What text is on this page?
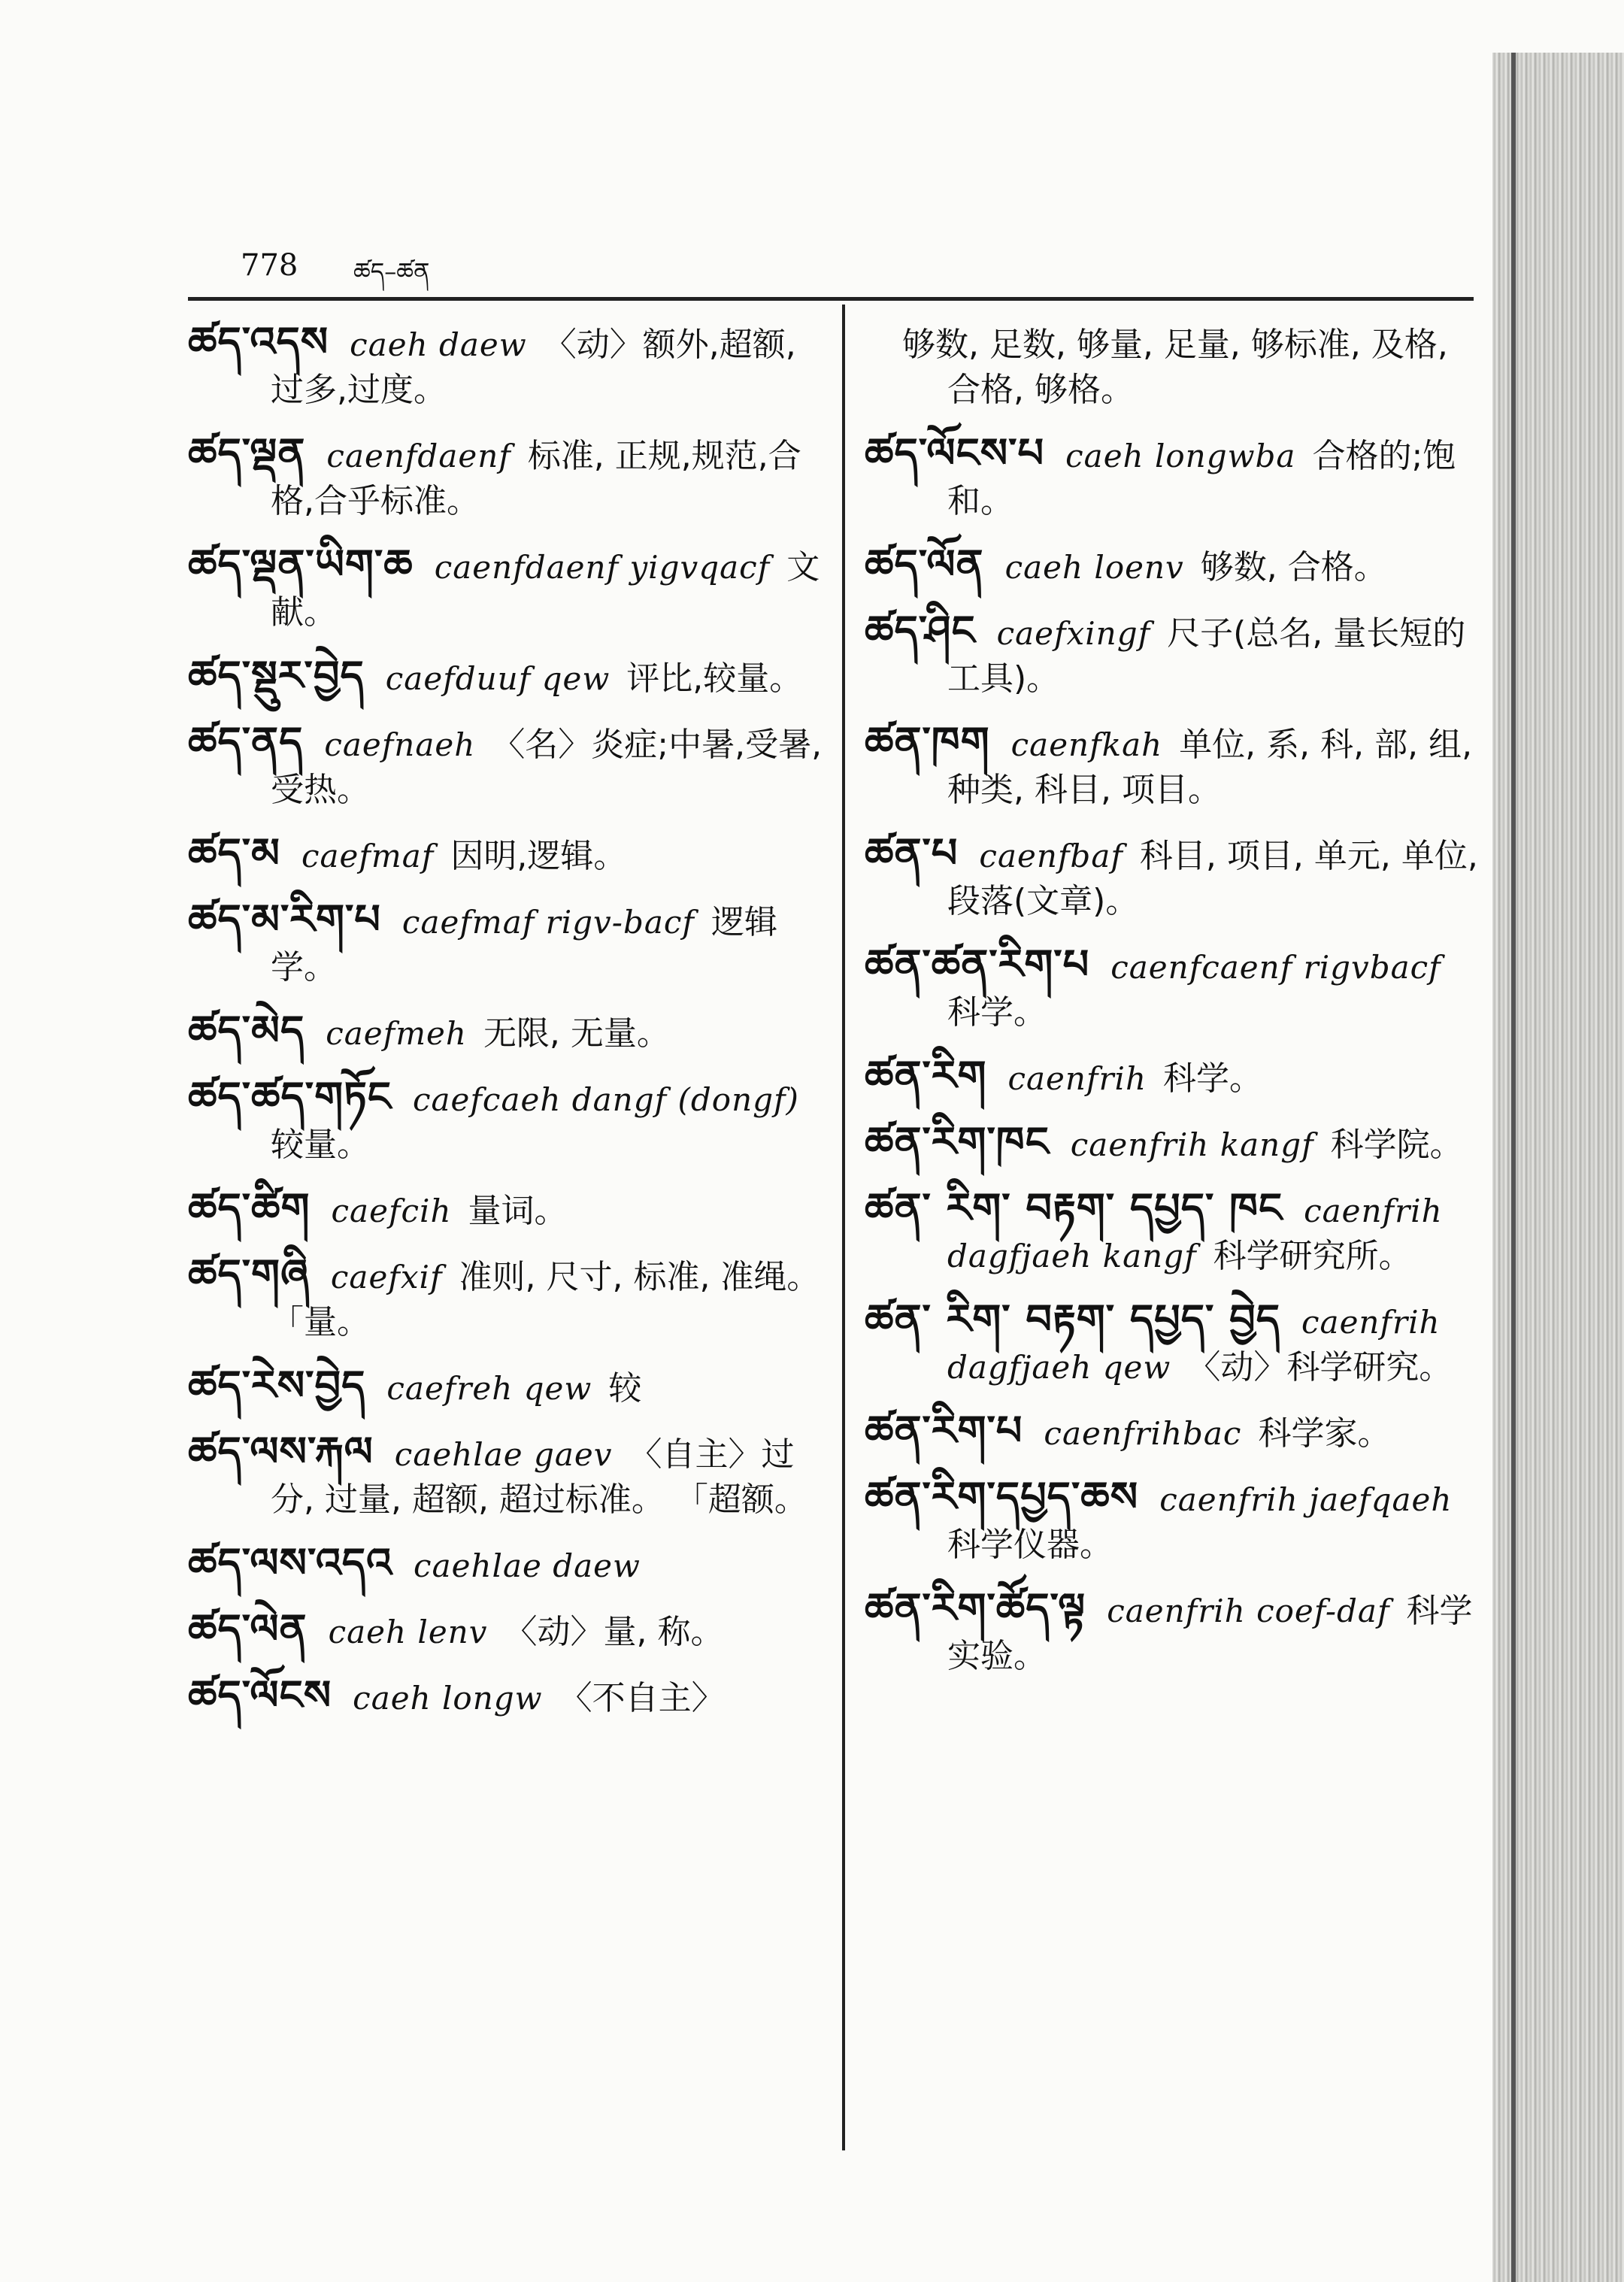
778 ཚད–ཚན
ཚད་འདས caeh daew 〈动〉额外,超额,过多,过度。
ཚད་ལྡན caenfdaenf 标准, 正规,规范,合格,合乎标准。
ཚད་ལྡན་ཡིག་ཆ caenfdaenf yigvqacf 文献。
ཚད་སྡུར་བྱེད caefduuf qew 评比,较量。
ཚད་ནད caefnaeh 〈名〉炎症;中暑,受暑,受热。
ཚད་མ caefmaf 因明,逻辑。
ཚད་མ་རིག་པ caefmaf rigv-bacf 逻辑学。
ཚད་མེད caefmeh 无限, 无量。
ཚད་ཚད་གཏོང caefcaeh dangf (dongf)较量。
ཚད་ཚིག caefcih 量词。
ཚད་གཞི caefxif 准则, 尺寸, 标准, 准绳。 「量。
ཚད་རེས་བྱེད caefreh qew 较
ཚད་ལས་རྐལ caehlae gaev 〈自主〉过分, 过量, 超额, 超过标准。 「超额。
ཚད་ལས་འདའ caehlae daew
ཚད་ལེན caeh lenv 〈动〉量, 称。
ཚད་ལོངས caeh longw 〈不自主〉
够数, 足数, 够量, 足量, 够标准, 及格, 合格, 够格。
ཚད་ལོངས་པ caeh longwba 合格的;饱和。
ཚད་ལོན caeh loenv 够数, 合格。
ཚད་ཤིང caefxingf 尺子(总名, 量长短的工具)。
ཚན་ཁག caenfkah 单位, 系, 科, 部, 组, 种类, 科目, 项目。
ཚན་པ caenfbaf 科目, 项目, 单元, 单位, 段落(文章)。
ཚན་ཚན་རིག་པ caenfcaenf rigvbacf科学。
ཚན་རིག caenfrih 科学。
ཚན་རིག་ཁང caenfrih kangf 科学院。
ཚན་ རིག་ བརྟག་ དཔྱད་ ཁང caenfrih dagfjaeh kangf 科学研究所。
ཚན་ རིག་ བརྟག་ དཔྱད་ བྱེད caenfrih dagfjaeh qew 〈动〉科学研究。
ཚན་རིག་པ caenfrihbac 科学家。
ཚན་རིག་དཔྱད་ཆས caenfrih jaefqaeh科学仪器。
ཚན་རིག་ཚོད་ལྟ caenfrih coef-daf 科学实验。
